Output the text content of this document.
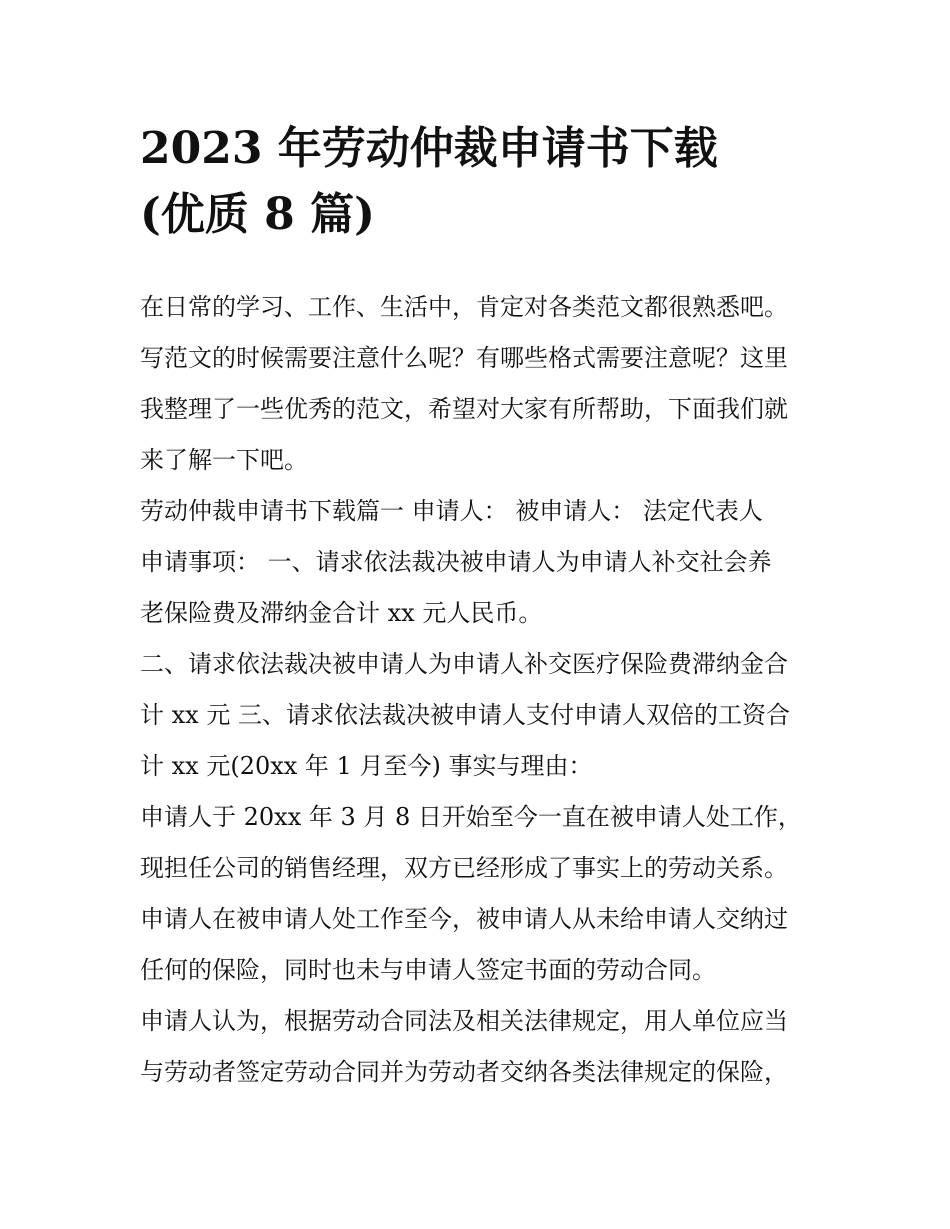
2023 年劳动仲裁申请书下载
(优质 8 篇)
在日常的学习、工作、生活中，肯定对各类范文都很熟悉吧。
写范文的时候需要注意什么呢？有哪些格式需要注意呢？这里
我整理了一些优秀的范文，希望对大家有所帮助，下面我们就
来了解一下吧。
劳动仲裁申请书下载篇一 申请人： 被申请人： 法定代表人
申请事项： 一、请求依法裁决被申请人为申请人补交社会养
老保险费及滞纳金合计 xx 元人民币。
二、请求依法裁决被申请人为申请人补交医疗保险费滞纳金合
计 xx 元 三、请求依法裁决被申请人支付申请人双倍的工资合
计 xx 元(20xx 年 1 月至今) 事实与理由：
申请人于 20xx 年 3 月 8 日开始至今一直在被申请人处工作，
现担任公司的销售经理，双方已经形成了事实上的劳动关系。
申请人在被申请人处工作至今，被申请人从未给申请人交纳过
任何的保险，同时也未与申请人签定书面的劳动合同。
申请人认为，根据劳动合同法及相关法律规定，用人单位应当
与劳动者签定劳动合同并为劳动者交纳各类法律规定的保险，
